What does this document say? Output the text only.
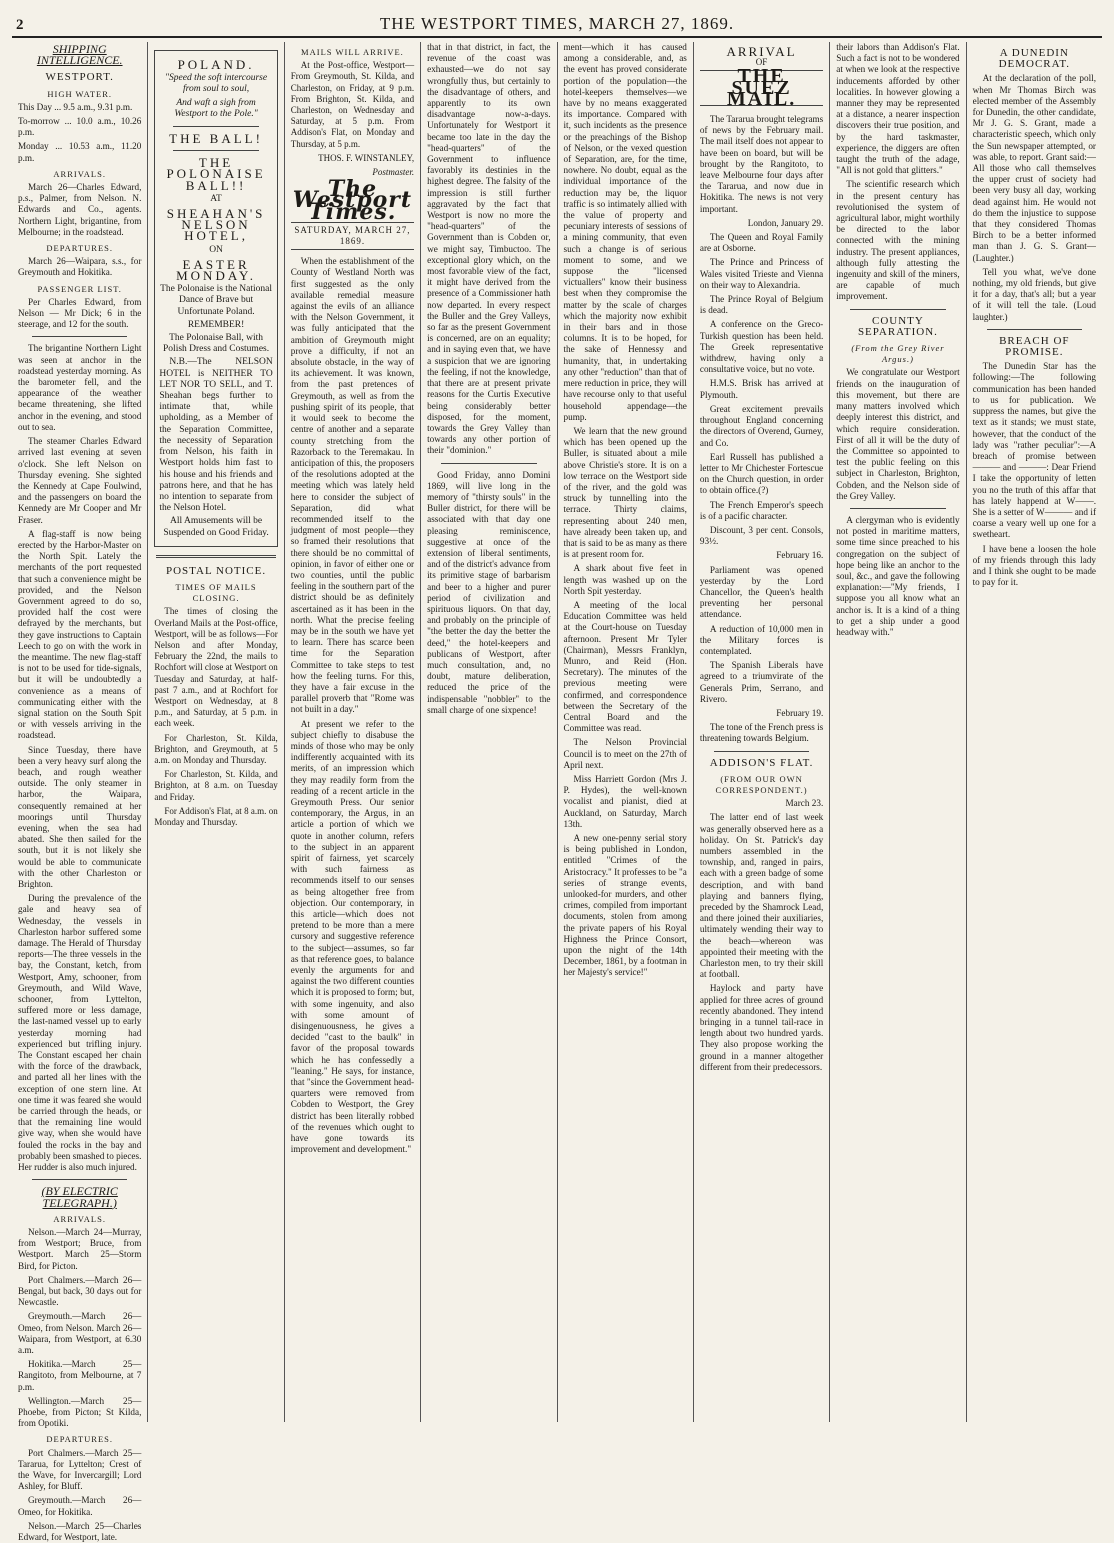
2	THE WESTPORT TIMES, MARCH 27, 1869.
SHIPPING INTELLIGENCE.
WESTPORT.
HIGH WATER.

This Day ... 9.5 a.m., 9.31 p.m.

To-morrow ... 10.0 a.m., 10.26 p.m.

Monday ... 10.53 a.m., 11.20 p.m.

ARRIVALS.

March 26—Charles Edward, p.s., Palmer, from Nelson. N. Edwards and Co., agents. Northern Light, brigantine, from Melbourne; in the roadstead.

DEPARTURES.

March 26—Waipara, s.s., for Greymouth and Hokitika.

PASSENGER LIST.

Per Charles Edward, from Nelson — Mr Dick; 6 in the steerage, and 12 for the south.

The brigantine Northern Light was seen at anchor in the roadstead yesterday morning. As the barometer fell, and the appearance of the weather became threatening, she lifted anchor in the evening, and stood out to sea.

The steamer Charles Edward arrived last evening at seven o'clock. She left Nelson on Thursday evening. She sighted the Kennedy at Cape Foulwind, and the passengers on board the Kennedy are Mr Cooper and Mr Fraser.

A flag-staff is now being erected by the Harbor-Master on the North Spit. Lately the merchants of the port requested that such a convenience might be provided, and the Nelson Government agreed to do so, provided half the cost were defrayed by the merchants, but they gave instructions to Captain Leech to go on with the work in the meantime. The new flag-staff is not to be used for tide-signals, but it will be undoubtedly a convenience as a means of communicating either with the signal station on the South Spit or with vessels arriving in the roadstead.

Since Tuesday, there have been a very heavy surf along the beach, and rough weather outside. The only steamer in harbor, the Waipara, consequently remained at her moorings until Thursday evening, when the sea had abated. She then sailed for the south, but it is not likely she would be able to communicate with the other Charleston or Brighton.

During the prevalence of the gale and heavy sea of Wednesday, the vessels in Charleston harbor suffered some damage. The Herald of Thursday reports—The three vessels in the bay, the Constant, ketch, from Westport, Amy, schooner, from Greymouth, and Wild Wave, schooner, from Lyttelton, suffered more or less damage, the last-named vessel up to early yesterday morning had experienced but trifling injury. The Constant escaped her chain with the force of the drawback, and parted all her lines with the exception of one stern line. At one time it was feared she would be carried through the heads, or that the remaining line would give way, when she would have fouled the rocks in the bay and probably been smashed to pieces. Her rudder is also much injured.

(BY ELECTRIC TELEGRAPH.)
ARRIVALS.

Nelson.—March 24—Murray, from Westport; Bruce, from Westport. March 25—Storm Bird, for Picton.

Port Chalmers.—March 26—Bengal, but back, 30 days out for Newcastle.

Greymouth.—March 26—Omeo, from Nelson. March 26—Waipara, from Westport, at 6.30 a.m.

Hokitika.—March 25—Rangitoto, from Melbourne, at 7 p.m.

Wellington.—March 25—Phoebe, from Picton; St Kilda, from Opotiki.

DEPARTURES.

Port Chalmers.—March 25—Tararua, for Lyttelton; Crest of the Wave, for Invercargill; Lord Ashley, for Bluff.

Greymouth.—March 26—Omeo, for Hokitika.

Nelson.—March 25—Charles Edward, for Westport, late.

POLAND.
"Speed the soft intercourse from soul to soul,
And waft a sigh from Westport to the Pole."
THE BALL!
THE POLONAISE BALL!!
AT
SHEAHAN'S NELSON HOTEL,
ON
EASTER MONDAY.
The Polonaise is the National Dance of Brave but Unfortunate Poland.
REMEMBER!
The Polonaise Ball, with Polish Dress and Costumes.
N.B.—The NELSON HOTEL is NEITHER TO LET NOR TO SELL, and T. Sheahan begs further to intimate that, while upholding, as a Member of the Separation Committee, the necessity of Separation from Nelson, his faith in Westport holds him fast to his house and his friends and patrons here, and that he has no intention to separate from the Nelson Hotel.
All Amusements will be Suspended on Good Friday.
POSTAL NOTICE.
TIMES OF MAILS CLOSING.

The times of closing the Overland Mails at the Post-office, Westport, will be as follows—For Nelson and after Monday, February the 22nd, the mails to Rochfort will close at Westport on Tuesday and Saturday, at half-past 7 a.m., and at Rochfort for Westport on Wednesday, at 8 p.m., and Saturday, at 5 p.m. in each week.

For Charleston, St. Kilda, Brighton, and Greymouth, at 5 a.m. on Monday and Thursday.

For Charleston, St. Kilda, and Brighton, at 8 a.m. on Tuesday and Friday.

For Addison's Flat, at 8 a.m. on Monday and Thursday.

MAILS WILL ARRIVE.

At the Post-office, Westport—From Greymouth, St. Kilda, and Charleston, on Friday, at 9 p.m. From Brighton, St. Kilda, and Charleston, on Wednesday and Saturday, at 5 p.m. From Addison's Flat, on Monday and Thursday, at 5 p.m.

THOS. F. WINSTANLEY,

Postmaster.

The Westport Times.
SATURDAY, MARCH 27, 1869.

When the establishment of the County of Westland North was first suggested as the only available remedial measure against the evils of an alliance with the Nelson Government, it was fully anticipated that the ambition of Greymouth might prove a difficulty, if not an absolute obstacle, in the way of its achievement. It was known, from the past pretences of Greymouth, as well as from the pushing spirit of its people, that it would seek to become the centre of another and a separate county stretching from the Razorback to the Teremakau. In anticipation of this, the proposers of the resolutions adopted at the meeting which was lately held here to consider the subject of Separation, did what recommended itself to the judgment of most people—they so framed their resolutions that there should be no committal of opinion, in favor of either one or two counties, until the public feeling in the southern part of the district should be as definitely ascertained as it has been in the north. What the precise feeling may be in the south we have yet to learn. There has scarce been time for the Separation Committee to take steps to test how the feeling turns. For this, they have a fair excuse in the parallel proverb that "Rome was not built in a day."

At present we refer to the subject chiefly to disabuse the minds of those who may be only indifferently acquainted with its merits, of an impression which they may readily form from the reading of a recent article in the Greymouth Press. Our senior contemporary, the Argus, in an article a portion of which we quote in another column, refers to the subject in an apparent spirit of fairness, yet scarcely with such fairness as recommends itself to our senses as being altogether free from objection. Our contemporary, in this article—which does not pretend to be more than a mere cursory and suggestive reference to the subject—assumes, so far as that reference goes, to balance evenly the arguments for and against the two different counties which it is proposed to form; but, with some ingenuity, and also with some amount of disingenuousness, he gives a decided "cast to the baulk" in favor of the proposal towards which he has confessedly a "leaning." He says, for instance, that "since the Government head-quarters were removed from Cobden to Westport, the Grey district has been literally robbed of the revenues which ought to have gone towards its improvement and development."

that in that district, in fact, the revenue of the coast was exhausted—we do not say wrongfully thus, but certainly to the disadvantage of others, and apparently to its own disadvantage now-a-days. Unfortunately for Westport it became too late in the day the "head-quarters" of the Government to influence favorably its destinies in the highest degree. The falsity of the impression is still further aggravated by the fact that Westport is now no more the "head-quarters" of the Government than is Cobden or, we might say, Timbuctoo. The exceptional glory which, on the most favorable view of the fact, it might have derived from the presence of a Commissioner hath now departed. In every respect the Buller and the Grey Valleys, so far as the present Government is concerned, are on an equality; and in saying even that, we have a suspicion that we are ignoring the feeling, if not the knowledge, that there are at present private reasons for the Curtis Executive being considerably better disposed, for the moment, towards the Grey Valley than towards any other portion of their "dominion."

Good Friday, anno Domini 1869, will live long in the memory of "thirsty souls" in the Buller district, for there will be associated with that day one pleasing reminiscence, suggestive at once of the extension of liberal sentiments, and of the district's advance from its primitive stage of barbarism and beer to a higher and purer period of civilization and spirituous liquors. On that day, and probably on the principle of "the better the day the better the deed," the hotel-keepers and publicans of Westport, after much consultation, and, no doubt, mature deliberation, reduced the price of the indispensable "nobbler" to the small charge of one sixpence!

ment—which it has caused among a considerable, and, as the event has proved considerate portion of the population—the hotel-keepers themselves—we have by no means exaggerated its importance. Compared with it, such incidents as the presence or the preachings of the Bishop of Nelson, or the vexed question of Separation, are, for the time, nowhere. No doubt, equal as the individual importance of the reduction may be, the liquor traffic is so intimately allied with the value of property and pecuniary interests of sessions of a mining community, that even such a change is of serious moment to some, and we suppose the "licensed victuallers" know their business best when they compromise the matter by the scale of charges which the majority now exhibit in their bars and in those columns. It is to be hoped, for the sake of Hennessy and humanity, that, in undertaking any other "reduction" than that of mere reduction in price, they will have recourse only to that useful household appendage—the pump.

We learn that the new ground which has been opened up the Buller, is situated about a mile above Christie's store. It is on a low terrace on the Westport side of the river, and the gold was struck by tunnelling into the terrace. Thirty claims, representing about 240 men, have already been taken up, and that is said to be as many as there is at present room for.

A shark about five feet in length was washed up on the North Spit yesterday.

A meeting of the local Education Committee was held at the Court-house on Tuesday afternoon. Present Mr Tyler (Chairman), Messrs Franklyn, Munro, and Reid (Hon. Secretary). The minutes of the previous meeting were confirmed, and correspondence between the Secretary of the Central Board and the Committee was read.

The Nelson Provincial Council is to meet on the 27th of April next.

Miss Harriett Gordon (Mrs J. P. Hydes), the well-known vocalist and pianist, died at Auckland, on Saturday, March 13th.

A new one-penny serial story is being published in London, entitled "Crimes of the Aristocracy." It professes to be "a series of strange events, unlooked-for murders, and other crimes, compiled from important documents, stolen from among the private papers of his Royal Highness the Prince Consort, upon the night of the 14th December, 1861, by a footman in her Majesty's service!"

ARRIVAL
OF
THE SUEZ MAIL.

The Tararua brought telegrams of news by the February mail. The mail itself does not appear to have been on board, but will be brought by the Rangitoto, to leave Melbourne four days after the Tararua, and now due in Hokitika. The news is not very important.

London, January 29.

The Queen and Royal Family are at Osborne.

The Prince and Princess of Wales visited Trieste and Vienna on their way to Alexandria.

The Prince Royal of Belgium is dead.

A conference on the Greco-Turkish question has been held. The Greek representative withdrew, having only a consultative voice, but no vote.

H.M.S. Brisk has arrived at Plymouth.

Great excitement prevails throughout England concerning the directors of Overend, Gurney, and Co.

Earl Russell has published a letter to Mr Chichester Fortescue on the Church question, in order to obtain office.(?)

The French Emperor's speech is of a pacific character.

Discount, 3 per cent. Consols, 93½.

February 16.

Parliament was opened yesterday by the Lord Chancellor, the Queen's health preventing her personal attendance.

A reduction of 10,000 men in the Military forces is contemplated.

The Spanish Liberals have agreed to a triumvirate of the Generals Prim, Serrano, and Rivero.

February 19.

The tone of the French press is threatening towards Belgium.

ADDISON'S FLAT.
(FROM OUR OWN CORRESPONDENT.)

March 23.

The latter end of last week was generally observed here as a holiday. On St. Patrick's day numbers assembled in the township, and, ranged in pairs, each with a green badge of some description, and with band playing and banners flying, preceded by the Shamrock Lead, and there joined their auxiliaries, ultimately wending their way to the beach—whereon was appointed their meeting with the Charleston men, to try their skill at football.

Haylock and party have applied for three acres of ground recently abandoned. They intend bringing in a tunnel tail-race in length about two hundred yards. They also propose working the ground in a manner altogether different from their predecessors.

their labors than Addison's Flat. Such a fact is not to be wondered at when we look at the respective inducements afforded by other localities. In however glowing a manner they may be represented at a distance, a nearer inspection discovers their true position, and by the hard taskmaster, experience, the diggers are often taught the truth of the adage, "All is not gold that glitters."

The scientific research which in the present century has revolutionised the system of agricultural labor, might worthily be directed to the labor connected with the mining industry. The present appliances, although fully attesting the ingenuity and skill of the miners, are capable of much improvement.

COUNTY SEPARATION.
(From the Grey River Argus.)

We congratulate our Westport friends on the inauguration of this movement, but there are many matters involved which deeply interest this district, and which require consideration. First of all it will be the duty of the Committee so appointed to test the public feeling on this subject in Charleston, Brighton, Cobden, and the Nelson side of the Grey Valley.

A clergyman who is evidently not posted in maritime matters, some time since preached to his congregation on the subject of hope being like an anchor to the soul, &c., and gave the following explanation:—"My friends, I suppose you all know what an anchor is. It is a kind of a thing to get a ship under a good headway with."

A DUNEDIN DEMOCRAT.

At the declaration of the poll, when Mr Thomas Birch was elected member of the Assembly for Dunedin, the other candidate, Mr J. G. S. Grant, made a characteristic speech, which only the Sun newspaper attempted, or was able, to report. Grant said:—All those who call themselves the upper crust of society had been very busy all day, working dead against him. He would not do them the injustice to suppose that they considered Thomas Birch to be a better informed man than J. G. S. Grant—(Laughter.)

Tell you what, we've done nothing, my old friends, but give it for a day, that's all; but a year of it will tell the tale. (Loud laughter.)

BREACH OF PROMISE.

The Dunedin Star has the following:—The following communication has been handed to us for publication. We suppress the names, but give the text as it stands; we must state, however, that the conduct of the lady was "rather peculiar":—A breach of promise between ——— and ———: Dear Friend I take the opportunity of letten you no the truth of this affar that has lately happend at W——. She is a setter of W——— and if coarse a veary well up one for a swetheart.

I have bene a loosen the hole of my friends through this lady and I think she ought to be made to pay for it.
